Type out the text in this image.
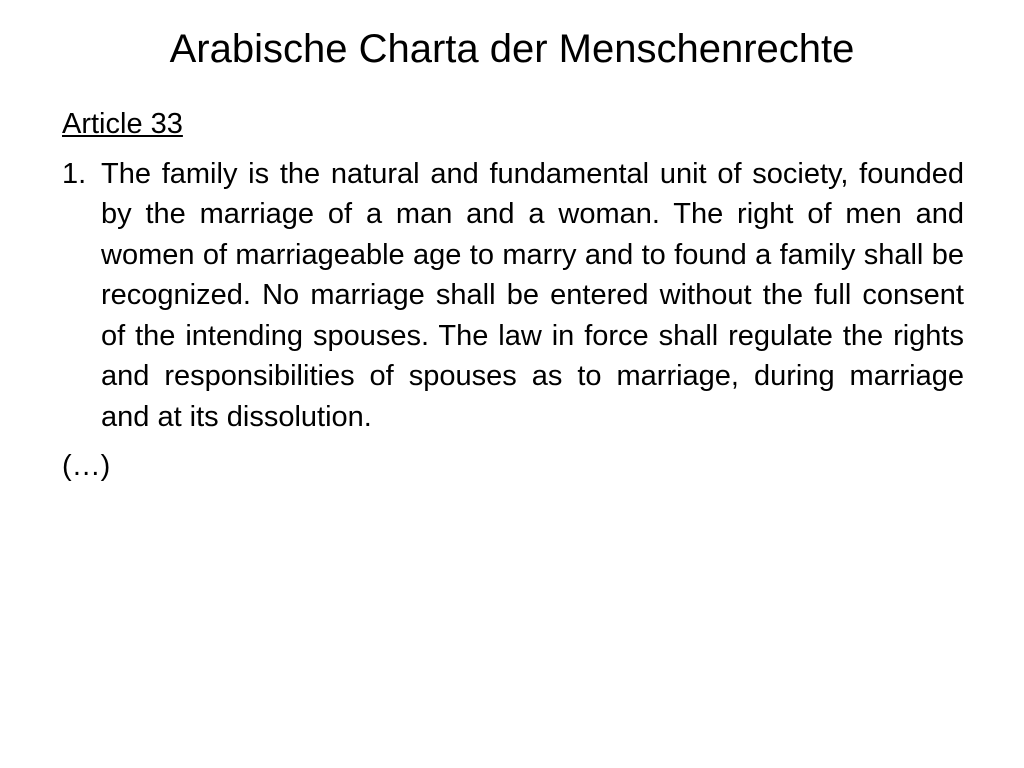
Arabische Charta der Menschenrechte
Article 33
1. The family is the natural and fundamental unit of society, founded by the marriage of a man and a woman. The right of men and women of marriageable age to marry and to found a family shall be recognized. No marriage shall be entered without the full consent of the intending spouses. The law in force shall regulate the rights and responsibilities of spouses as to marriage, during marriage and at its dissolution.
(…)
